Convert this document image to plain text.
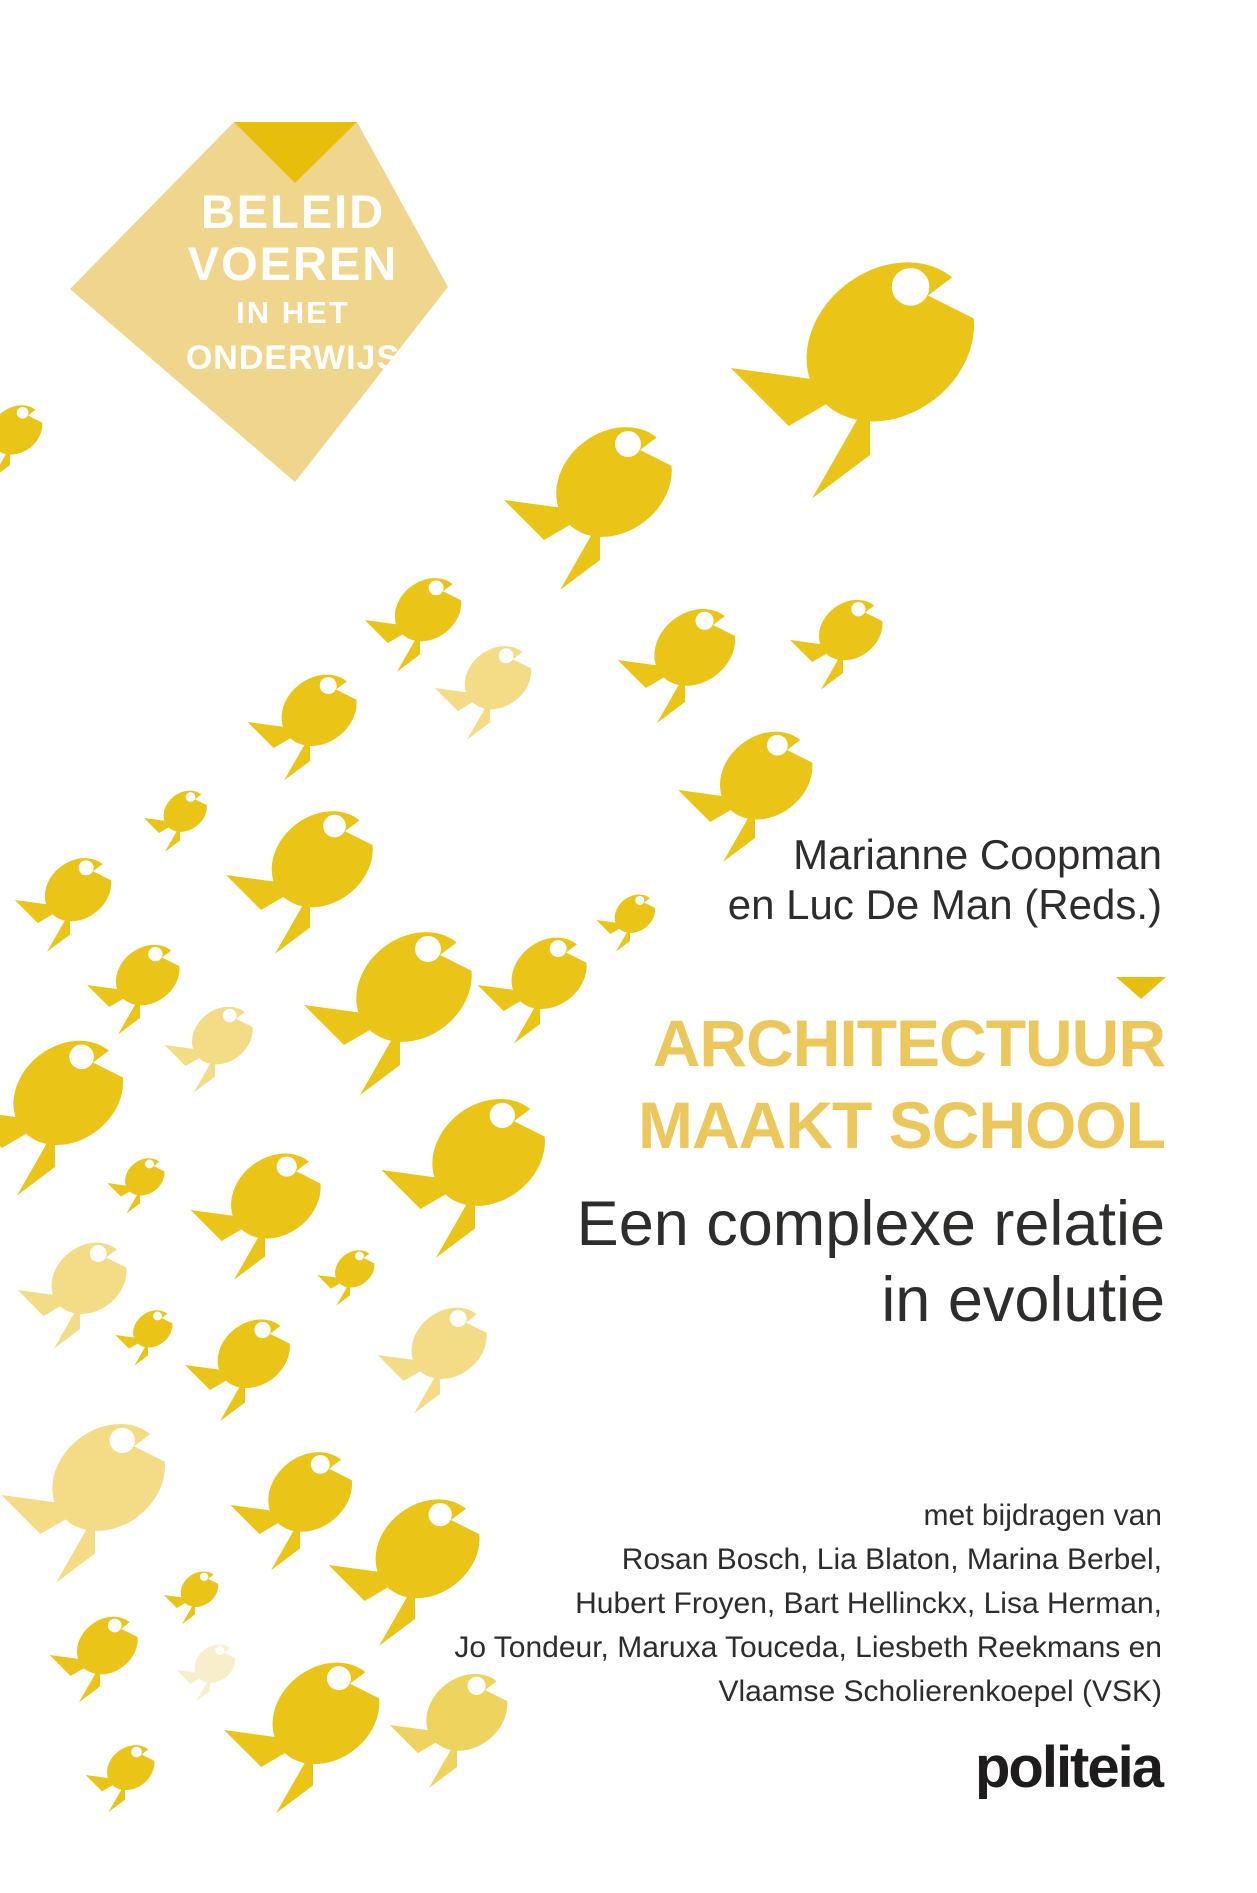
BELEID
VOEREN
IN HET
ONDERWIJS
Marianne Coopman
en Luc De Man (Reds.)
ARCHITECTUUR
MAAKT SCHOOL
Een complexe relatie
in evolutie
met bijdragen van
Rosan Bosch, Lia Blaton, Marina Berbel,
Hubert Froyen, Bart Hellinckx, Lisa Herman,
Jo Tondeur, Maruxa Touceda, Liesbeth Reekmans en
Vlaamse Scholierenkoepel (VSK)
politeia
